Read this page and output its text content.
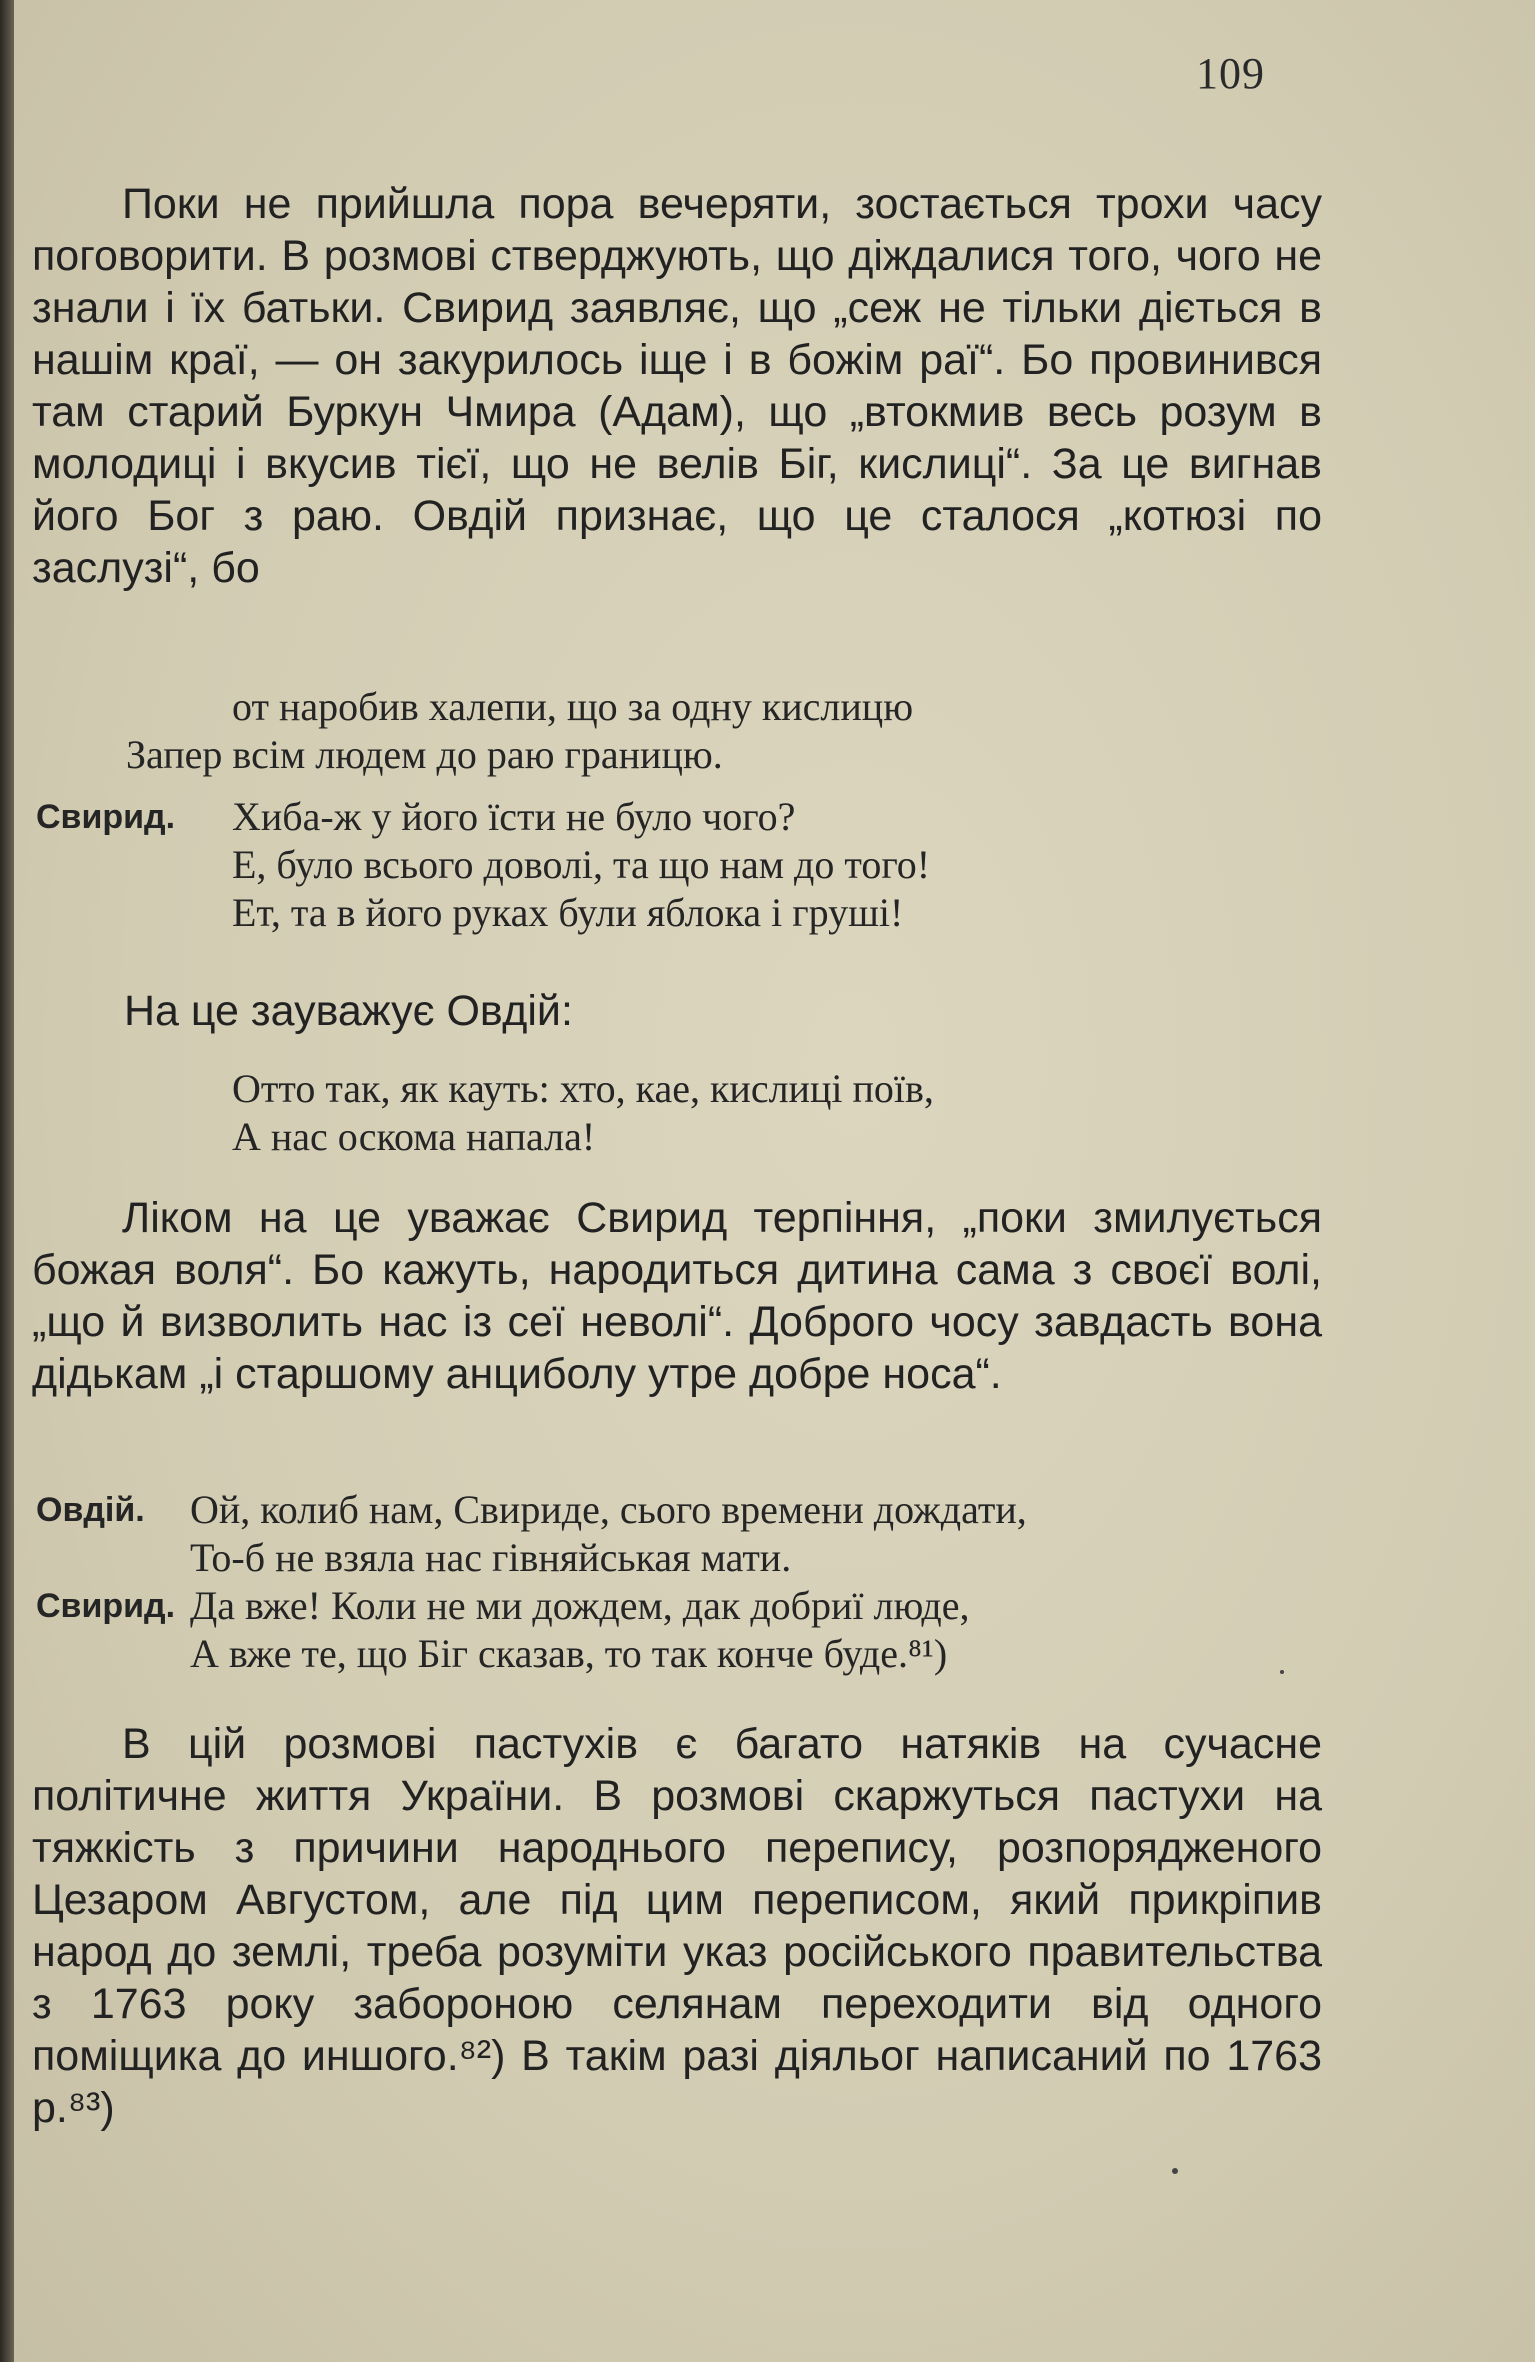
109

Поки не прийшла пора вечеряти, зостається трохи часу поговорити. В розмові стверджують, що діждалися того, чого не знали і їх батьки. Свирид заявляє, що „сеж не тільки діється в нашім краї, — он закурилось іще і в божім раї“. Бо провинився там старий Буркун Чмира (Адам), що „втокмив весь розум в молодиці і вкусив тієї, що не велів Біг, кислиці“. За це вигнав його Бог з раю. Овдій признає, що це сталося „котюзі по заслузі“, бо

от наробив халепи, що за одну кислицю
Запер всім людем до раю границю.
Свирид.	Хиба-ж у його їсти не було чого?
Е, було всього доволі, та що нам до того!
Ет, та в його руках були яблока і груші!

На це зауважує Овдій:

Отто так, як кауть: хто, кае, кислиці поїв,
А нас оскома напала!

Ліком на це уважає Свирид терпіння, „поки змилується божая воля“. Бо кажуть, народиться дитина сама з своєї волі, „що й визволить нас із сеї неволі“. Доброго чосу завдасть вона дідькам „і старшому анциболу утре добре носа“.

Овдій.	Ой, колиб нам, Свириде, сього времени дождати,
То-б не взяла нас гівняйськая мати.
Свирид. Да вже! Коли не ми дождем, дак добриї люде,
А вже те, що Біг сказав, то так конче буде.⁸¹)

В цій розмові пастухів є багато натяків на сучасне політичне життя України. В розмові скаржуться пастухи на тяжкість з причини народнього перепису, розпорядженого Цезаром Августом, але під цим переписом, який прикріпив народ до землі, треба розуміти указ російського правительства з 1763 року забороною селянам переходити від одного поміщика до иншого.⁸²) В такім разі діяльог написаний по 1763 р.⁸³)
